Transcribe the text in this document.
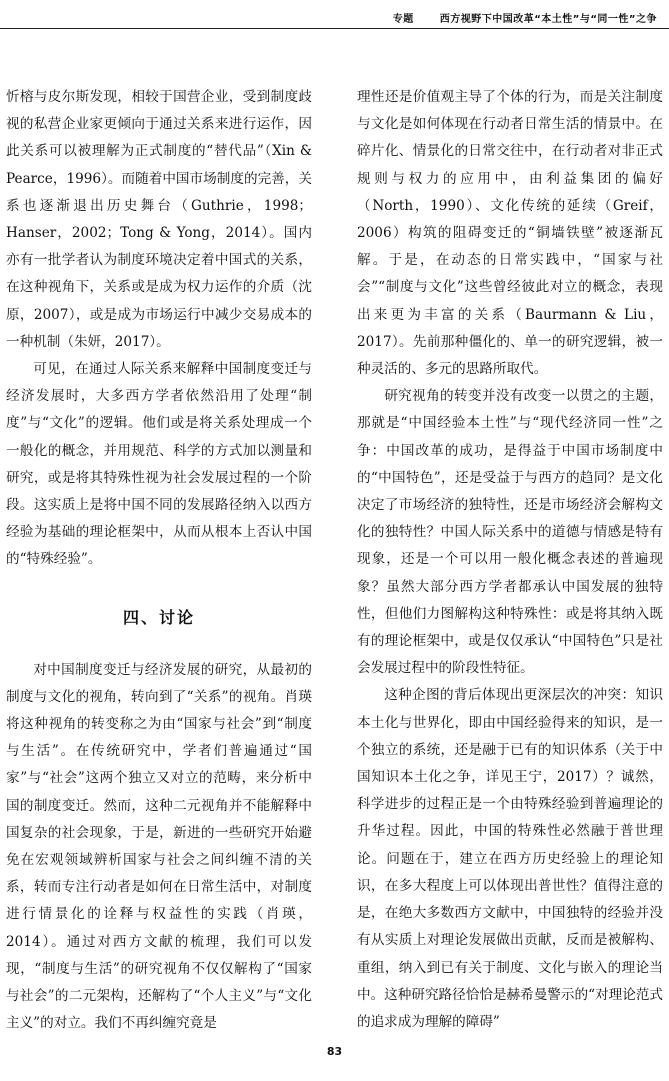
专题	西方视野下中国改革“本土性”与“同一性”之争

忻榕与皮尔斯发现，相较于国营企业，受到制度歧视的私营企业家更倾向于通过关系来进行运作，因此关系可以被理解为正式制度的“替代品”（Xin & Pearce，1996）。而随着中国市场制度的完善，关系也逐渐退出历史舞台（Guthrie，1998；Hanser，2002；Tong & Yong，2014）。国内亦有一批学者认为制度环境决定着中国式的关系，在这种视角下，关系或是成为权力运作的介质（沈原，2007），或是成为市场运行中减少交易成本的一种机制（朱妍，2017）。

可见，在通过人际关系来解释中国制度变迁与经济发展时，大多西方学者依然沿用了处理“制度”与“文化”的逻辑。他们或是将关系处理成一个一般化的概念，并用规范、科学的方式加以测量和研究，或是将其特殊性视为社会发展过程的一个阶段。这实质上是将中国不同的发展路径纳入以西方经验为基础的理论框架中，从而从根本上否认中国的“特殊经验”。

四、讨论

对中国制度变迁与经济发展的研究，从最初的制度与文化的视角，转向到了“关系”的视角。肖瑛将这种视角的转变称之为由“国家与社会”到“制度与生活”。在传统研究中，学者们普遍通过“国家”与“社会”这两个独立又对立的范畴，来分析中国的制度变迁。然而，这种二元视角并不能解释中国复杂的社会现象，于是，新进的一些研究开始避免在宏观领域辨析国家与社会之间纠缠不清的关系，转而专注行动者是如何在日常生活中，对制度进行情景化的诠释与权益性的实践（肖瑛，2014）。通过对西方文献的梳理，我们可以发现，“制度与生活”的研究视角不仅仅解构了“国家与社会”的二元架构，还解构了“个人主义”与“文化主义”的对立。我们不再纠缠究竟是

理性还是价值观主导了个体的行为，而是关注制度与文化是如何体现在行动者日常生活的情景中。在碎片化、情景化的日常交往中，在行动者对非正式规则与权力的应用中，由利益集团的偏好（North，1990）、文化传统的延续（Greif，2006）构筑的阻碍变迁的“铜墙铁壁”被逐渐瓦解。于是，在动态的日常实践中，“国家与社会”“制度与文化”这些曾经彼此对立的概念，表现出来更为丰富的关系（Baurmann & Liu，2017）。先前那种僵化的、单一的研究逻辑，被一种灵活的、多元的思路所取代。

研究视角的转变并没有改变一以贯之的主题，那就是“中国经验本土性”与“现代经济同一性”之争：中国改革的成功，是得益于中国市场制度中的“中国特色”，还是受益于与西方的趋同？是文化决定了市场经济的独特性，还是市场经济会解构文化的独特性？中国人际关系中的道德与情感是特有现象，还是一个可以用一般化概念表述的普遍现象？虽然大部分西方学者都承认中国发展的独特性，但他们力图解构这种特殊性：或是将其纳入既有的理论框架中，或是仅仅承认“中国特色”只是社会发展过程中的阶段性特征。

这种企图的背后体现出更深层次的冲突：知识本土化与世界化，即由中国经验得来的知识，是一个独立的系统，还是融于已有的知识体系（关于中国知识本土化之争，详见王宁，2017）？诚然，科学进步的过程正是一个由特殊经验到普遍理论的升华过程。因此，中国的特殊性必然融于普世理论。问题在于，建立在西方历史经验上的理论知识，在多大程度上可以体现出普世性？值得注意的是，在绝大多数西方文献中，中国独特的经验并没有从实质上对理论发展做出贡献，反而是被解构、重组，纳入到已有关于制度、文化与嵌入的理论当中。这种研究路径恰恰是赫希曼警示的“对理论范式的追求成为理解的障碍”

83
